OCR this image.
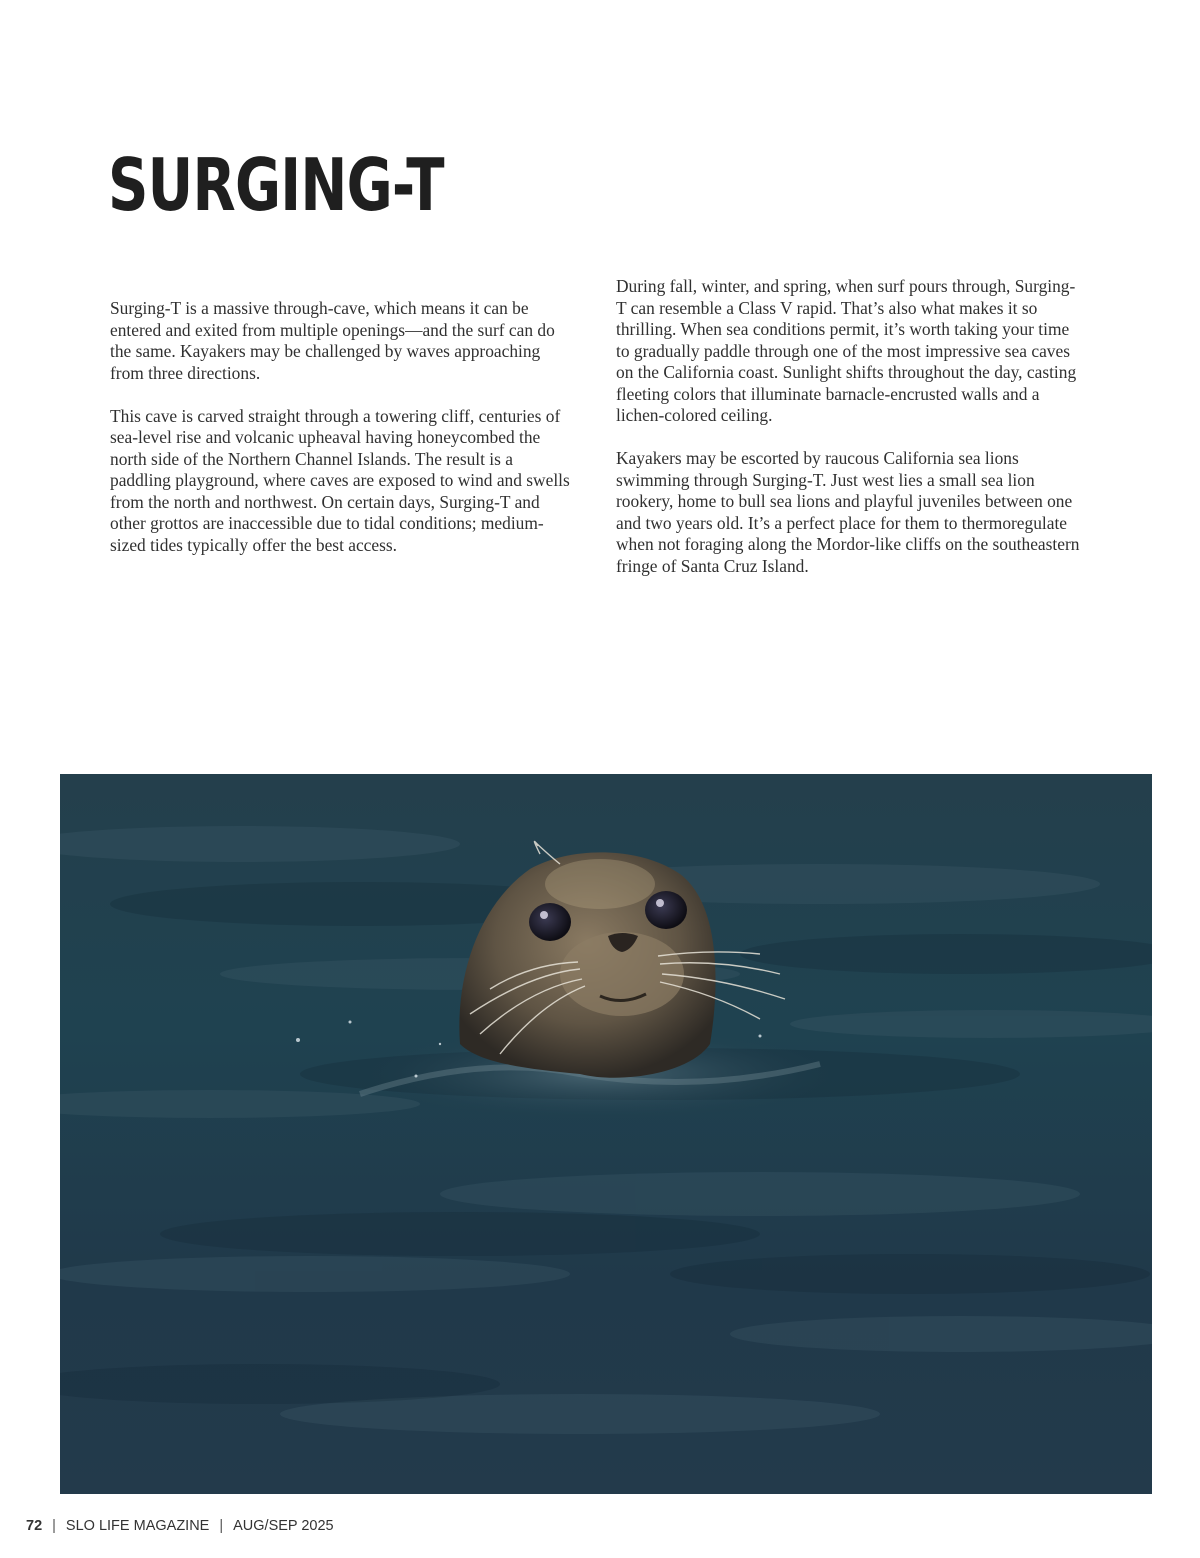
SURGING-T

Surging-T is a massive through-cave, which means it can be entered and exited from multiple openings—and the surf can do the same. Kayakers may be challenged by waves approaching from three directions.

This cave is carved straight through a towering cliff, centuries of sea-level rise and volcanic upheaval having honeycombed the north side of the Northern Channel Islands. The result is a paddling playground, where caves are exposed to wind and swells from the north and northwest. On certain days, Surging-T and other grottos are inaccessible due to tidal conditions; medium-sized tides typically offer the best access.

During fall, winter, and spring, when surf pours through, Surging-T can resemble a Class V rapid. That’s also what makes it so thrilling. When sea conditions permit, it’s worth taking your time to gradually paddle through one of the most impressive sea caves on the California coast. Sunlight shifts throughout the day, casting fleeting colors that illuminate barnacle-encrusted walls and a lichen-colored ceiling.

Kayakers may be escorted by raucous California sea lions swimming through Surging-T. Just west lies a small sea lion rookery, home to bull sea lions and playful juveniles between one and two years old. It’s a perfect place for them to thermoregulate when not foraging along the Mordor-like cliffs on the southeastern fringe of Santa Cruz Island.

72 | SLO LIFE MAGAZINE | AUG/SEP 2025
